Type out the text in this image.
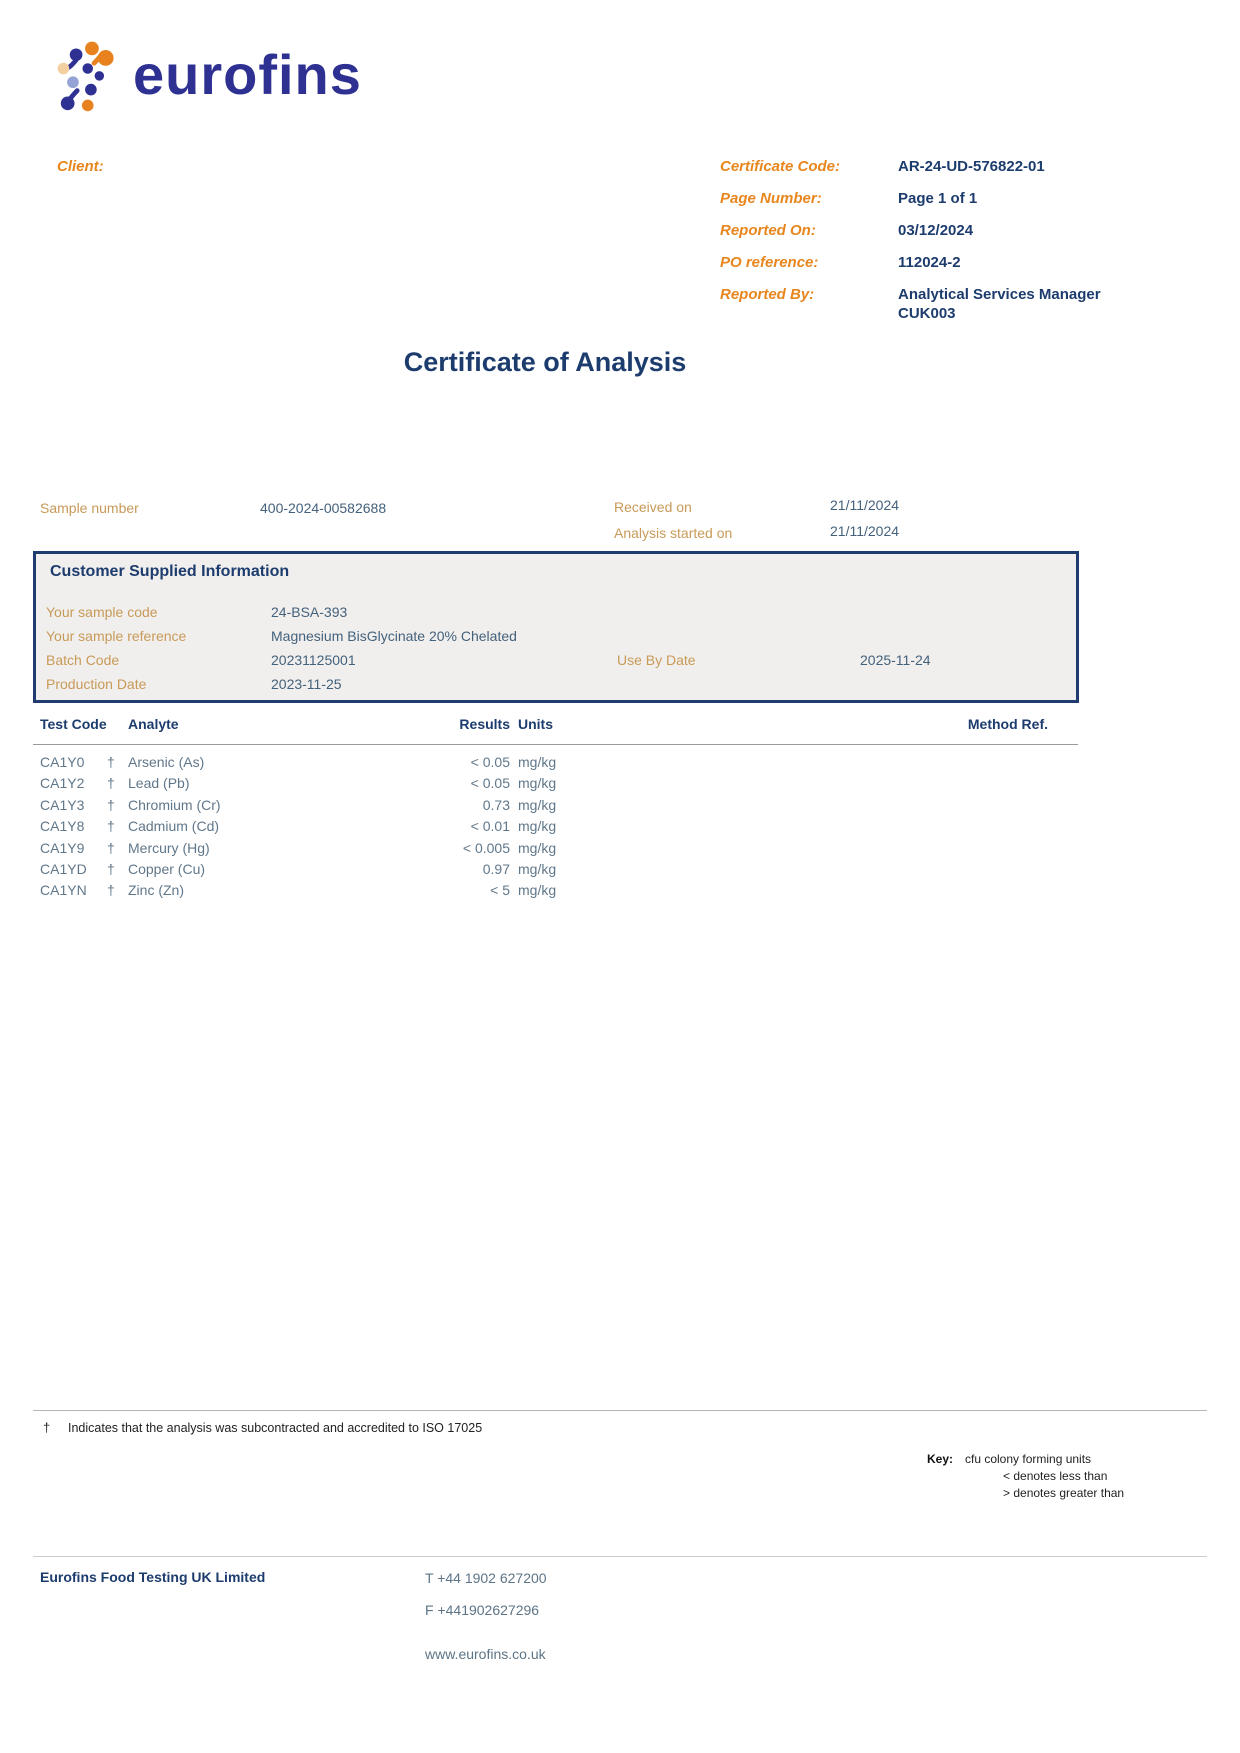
eurofins
Client:	Certificate Code:	AR-24-UD-576822-01
Page Number:	Page 1 of 1
Reported On:	03/12/2024
PO reference:	112024-2
Reported By:	Analytical Services Manager
CUK003
Certificate of Analysis
Sample number	400-2024-00582688	Received on	21/11/2024
Analysis started on	21/11/2024
Customer Supplied Information
Your sample code	24-BSA-393
Your sample reference	Magnesium BisGlycinate 20% Chelated
Batch Code	20231125001	Use By Date	2025-11-24
Production Date	2023-11-25
Test Code Analyte	Results Units	Method Ref.
CA1Y0 † Arsenic (As)	< 0.05 mg/kg
CA1Y2 † Lead (Pb)	< 0.05 mg/kg
CA1Y3 † Chromium (Cr)	0.73 mg/kg
CA1Y8 † Cadmium (Cd)	< 0.01 mg/kg
CA1Y9 † Mercury (Hg)	< 0.005 mg/kg
CA1YD † Copper (Cu)	0.97 mg/kg
CA1YN † Zinc (Zn)	< 5 mg/kg
† Indicates that the analysis was subcontracted and accredited to ISO 17025
Key: cfu colony forming units
< denotes less than
> denotes greater than
Eurofins Food Testing UK Limited	T +44 1902 627200
F +441902627296
www.eurofins.co.uk
